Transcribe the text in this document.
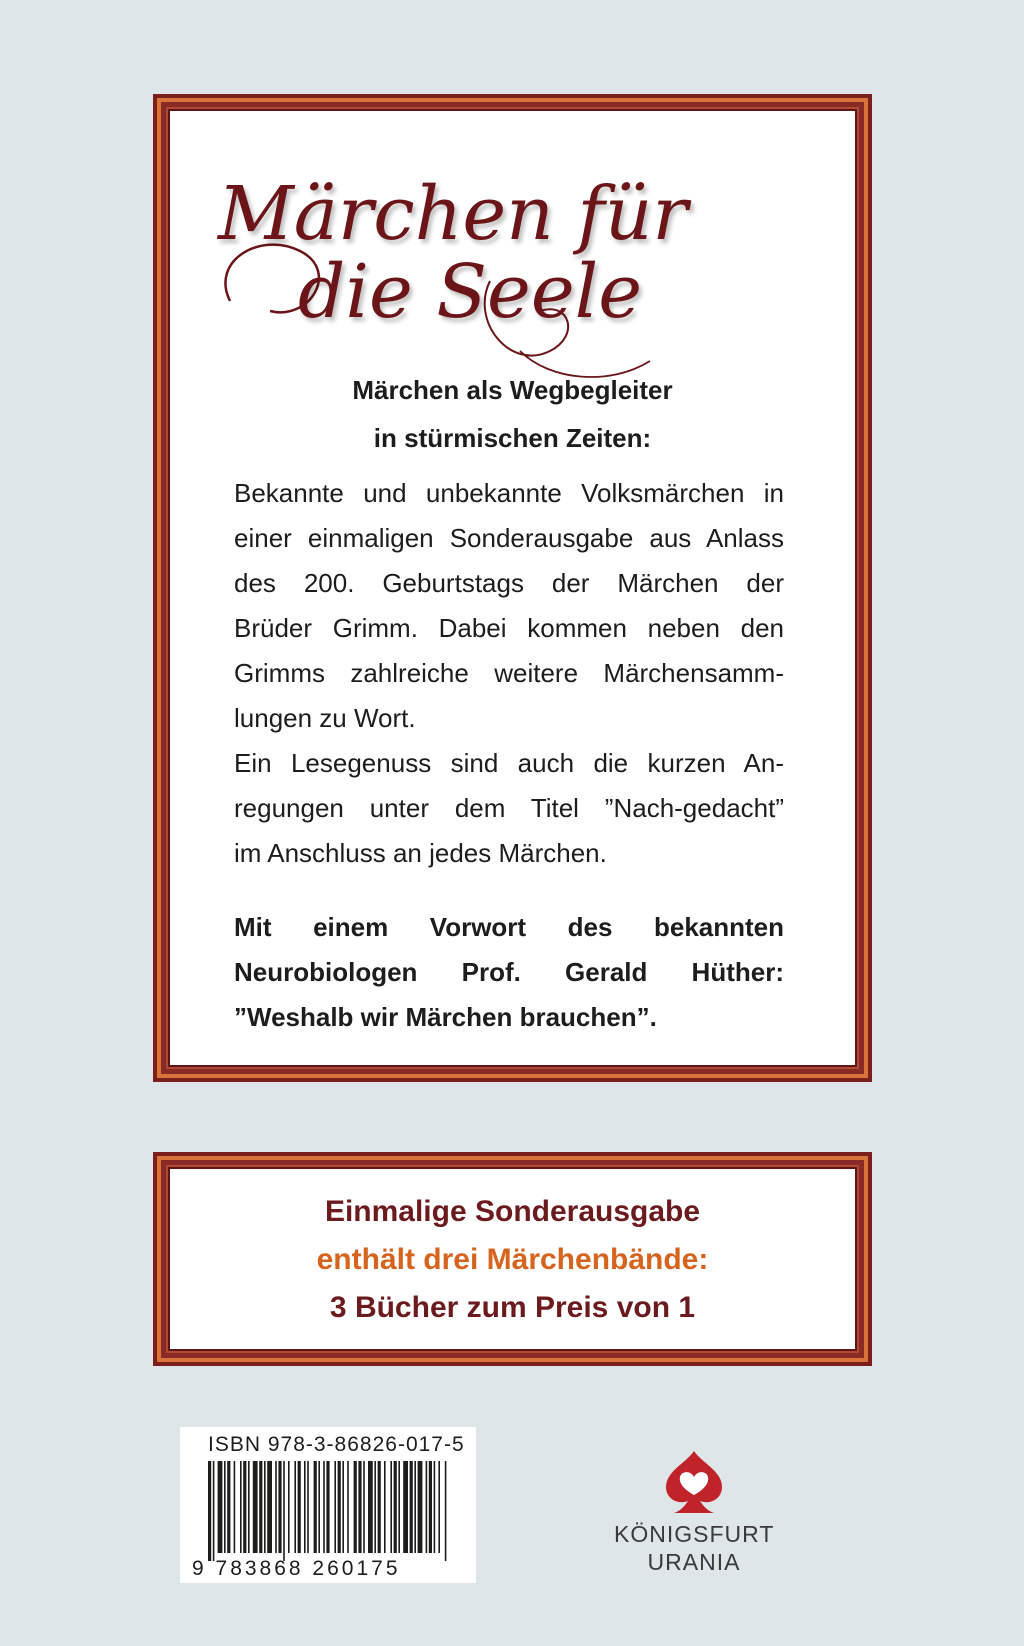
Märchen für
die Seele
Märchen als Wegbegleiter
in stürmischen Zeiten:
Bekannte und unbekannte Volksmärchen in
einer einmaligen Sonderausgabe aus Anlass
des 200. Geburtstags der Märchen der
Brüder Grimm. Dabei kommen neben den
Grimms zahlreiche weitere Märchensamm-
lungen zu Wort.
Ein Lesegenuss sind auch die kurzen An-
regungen unter dem Titel ”Nach-gedacht”
im Anschluss an jedes Märchen.
Mit einem Vorwort des bekannten
Neurobiologen Prof. Gerald Hüther:
”Weshalb wir Märchen brauchen”.
Einmalige Sonderausgabe
enthält drei Märchenbände:
3 Bücher zum Preis von 1
ISBN 978-3-86826-017-5
9 783868 260175
KÖNIGSFURT
URANIA
